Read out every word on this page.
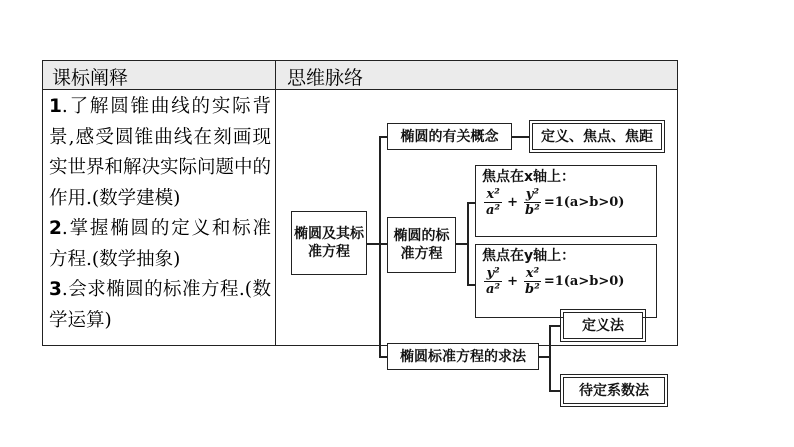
课标阐释	思维脉络

1.了解圆锥曲线的实际背景,感受圆锥曲线在刻画现实世界和解决实际问题中的作用.(数学建模)

2.掌握椭圆的定义和标准方程.(数学抽象)

3.会求椭圆的标准方程.(数学运算)

椭圆及其标准方程
椭圆的有关概念	定义、焦点、焦距
椭圆的标准方程
焦点在x轴上：
$\frac{\text{x²}}{\text{a²}} + \frac{\text{y²}}{\text{b²}} =1(a>b>0)$
焦点在y轴上：
$\frac{\text{y²}}{\text{a²}} + \frac{\text{x²}}{\text{b²}} =1(a>b>0)$
椭圆标准方程的求法
定义法
待定系数法
